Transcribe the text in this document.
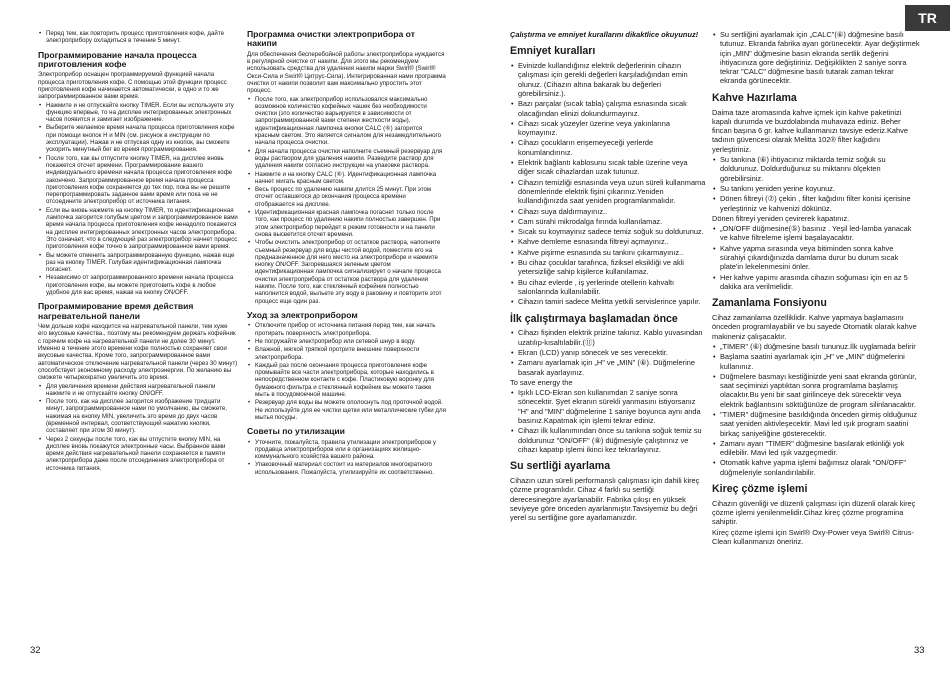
TR
• Перед тем, как повторить процесс приготовления кофе, дайте электроприбору охладиться в течение 5 минут.
Программирование начала процесса приготовления кофе

Электроприбор оснащен программируемой функцией начала процесса приготовления кофе. С помощью этой функции процесс приготовления кофе начинается автоматически, в одно и то же запрограммированное вами время.

• Нажмите и не отпускайте кнопку TIMER. Если вы используете эту функцию впервые, то на дисплее интегрированных электронных часов появится и замигает изображение.
• Выберите желаемое время начала процесса приготовления кофе при помощи кнопок H и MIN (см. рисунок в инструкции по эксплуатации). Нажав и не отпуская одну из кнопок, вы сможете ускорить минутный бег во время программирования.
• После того, как вы отпустите кнопку TIMER, на дисплее вновь покажется отсчет времени. Программирование вашего индивидуального времени начала процесса приготовления кофе закончено. Запрограммированное время начала процесса приготовления кофе сохраняется до тех пор, пока вы не решите перепрограммировать заданное вами время или пока не не отсоедините электроприбор от источника питания.
• Если вы вновь нажмете на кнопку TIMER, то идентификационная лампочка загорится голубым цветом и запрограммированное вами время начала процесса приготовления кофе ненадолго покажется на дисплее интегрированных электронных часов электроприбора. Это означает, что в следующий раз электроприбор начнет процесс приготовления кофе точно в запрограммированное вами время.
• Вы можете отменить запрограммированную функцию, нажав еще раз на кнопку TIMER. Голубая идентификационная лампочка погаснет.
• Независимо от запрограммированного времени начала процесса приготовления кофе, вы можете приготовить кофе в любое удобное для вас время, нажав на кнопку ON/OFF.
Программирование время действия нагревательной панели

Чем дольше кофе находится на нагревательной панели, тем хуже его вкусовые качества., поэтому мы рекомендуем держать кофейник с горячим кофе на нагревательной панели не долее 30 минут. Именно в течение этого времени кофе полностью сохраняет свои вкусовые качества. Кроме того, запрограммированное вами автоматическое отключение нагревательной панели (через 30 минут) способствует экономному расходу электроэнергии. По желанию вы сможете четырехкратно увеличить это время.

• Для увеличения времени действия нагревательной панели нажмите и не отпускайте кнопку ON/OFF.
• После того, как на дисплее загорится изображение тридцати минут, запрограммированное нами по умолчанию, вы сможете, нажимая на кнопку MIN, увеличить это время до двух часов (временной интервал, соответствующий нажатию кнопки, составляет при этом 30 минут).
• Через 2 секунды после того, как вы отпустите кнопку MIN, на дисплее вновь покажутся электронные часы. Выбранное вами время действия нагревательной панели сохраняется в памяти электроприбора даже после отсоединения электроприбора от источника питания.
Программа очистки электроприбора от накипи

Для обеспечения бесперебойной работы электроприбора нуждается в регулярной очистке от накипи. Для этого мы рекомендуем использовать средства для удаления накипи марки Swirl® (Swirl® Окси-Сила и Swirl® Цитрус-Сила). Интегрированная нами программа очистки от накипи позволит вам максимально упростить этот процесс.

• После того, как электроприбор использовался максимально возможное количество кофейных чашек без необходимости очистки (это количество варьируется в зависимости от запрограммированной вами степени жесткости воды), идентификационная лампочка кнопки CALC (⑥) загорится красным светом. Это является сигналом для незамедлительного начала процесса очистки.
• Для начала процесса очистки наполните съемный резервуар для воды раствором для удаления накипи. Разведите раствор для удаления накипи согласно инструкции на упаковке раствора.
• Нажмите и на кнопку CALC (⑥). Идентификационная лампочка начнет мигать красным светом.
• Весь процесс по удалению накипи длится 25 минут. При этом отсчет оставшегося до окончания процесса времени отображается на дисплее.
• Идентификационная красная лампочка погаснет только после того, как процесс по удалению накипи полностью завершен. При этом электроприбор перейдет в режим готовности и на панели снова высветится отсчет времени.
• Чтобы очистить электроприбор от остатков раствора, наполните съемный резервуар для воды чистой водой, поместите его на предназначенное для него место на электроприборе и нажмите кнопку ON/OFF. Загоревшаяся зеленым цветом идентификационная лампочка сигнализирует о начале процесса очистки электроприбора от остатков раствора для удаления накипи. После того, как стеклянный кофейник полностью наполнится водой, выльете эту воду в раковину и повторите этот процесс еще один раз.
Уход за электроприбором
• Отключите прибор от источника питания перед тем, как начать протирать поверхность электроприбора.
• Не погружайте электроприбор или сетевой шнур в воду.
• Влажной, мягкой тряпкой протрите внешние поверхности электроприбора.
• Каждый раз после окончания процесса приготовления кофе промывайте все части электроприбора, которые находились в непосредственном контакте с кофе. Пластиковую воронку для бумажного фильтра и стеклянный кофейник вы можете также мыть в посудомоечной машине.
• Резервуар для воды вы можете ополоснуть под проточной водой. Не используйте для ее чистки щетки или металлические губки для мытья посуды.
Советы по утилизации
• Уточните, пожалуйста, правила утилизации электроприборов у продавца электроприборов или в организациях жилищно-коммунального хозяйства вашего района.
• Упаковочный материал состоит из материалов многократного использования. Пожалуйста, утилизируйте их соответственно.

Çalıştırma ve emniyet kurallarını dikaktlice okuyunuz!

Emniyet kuralları
• Evinizde kullandığınız elektrik değerlerinin cihazın çalışması için gerekli değerleri karşıladığından emin olunuz. (Cihazın altına bakarak bu değerleri görebilirsiniz.).
• Bazı parçalar (sıcak tabla) çalışma esnasında sıcak olacağından elinizi dokundurmayınız.
• Cihazı sıcak yüzeyler üzerine veya yakınlarına koymayınız.
• Cihazı çocukların erişemeyeceği yerlerde konumlandırınız.
• Elektrik bağlantı kablosunu sıcak table üzerine veya diğer sıcak cihazlardan uzak tutunuz.
• Cihazın temizliği esnasında veya uzun süreli kullanmama dönemlerinde elektrik fişini çıkarınız.Yeniden kullandığınızda saat yeniden programlanmalıdır.
• Cihazı suya daldırmayınız..
• Cam sürahi mikrodalga fırında kullanılamaz.
• Sıcak su koymayınız sadece temiz soğuk su doldurunuz.
• Kahve demleme esnasında filtreyi açmayınız..
• Kahve pişirme esnasında su tankını çıkarmayınız..
• Bu cihaz çocuklar tarafınca, fiziksel eksikliği ve akli yetersizliğe sahip kişilerce kullanılamaz.
• Bu cihaz evlerde , iş yerlerinde otellerin kahvaltı salonlarında kullanılabilir.
• Cihazın tamiri sadece Melitta yetkili servislerince yapılır.
İlk çalıştırmaya başlamadan önce
• Cihazı fişinden elektrik prizine takınız. Kablo yuvasından uzatılıp-kısaltılabilir.(⑪)
• Ekran (LCD) yanıp sönecek ve ses verecektir.
• Zamanı ayarlamak için „H" ve „MIN" (⑥). Düğmelerine basarak ayarlayınız.

To save energy the

• Işıklı LCD-Ekran son kullanımdan 2 saniye sonra sönecektir. Şyet ekranın sürekli yanmasını istiyorsanız "H" and "MIN" düğmelerine 1 saniye boyunca aynı anda basınız.Kapatmak için işlemi tekrar ediniz.
• Cihazı ilk kullanımından önce su tankına soğuk temiz su doldurunuz "ON/OFF" (⑧) düğmesiyle çalıştırınız ve cihazı kapatıp işlemi ikinci kez tekrarlayınız.
Su sertliği ayarlama

Cihazın uzun süreli performanslı çalışması için dahili kireç çözme programlıdır. Cihaz 4 farklı su sertliği derecesinegöre ayarlanabilir. Fabrika çıkışı en yüksek seviyeye göre önceden ayarlanmıştır.Tavsiyemiz bu değri yerel su sertliğine gore ayarlamanızdır.

• Su sertliğini ayarlamak için „CALC"(⑥) düğmesine basılı tutunuz. Ekranda fabrika ayarı görünecektir. Ayar değiştirmek için „MIN" düğmesine basın ekranda sertlik değerini ihtiyacınıza gore değiştiriniz. Değişiklikten 2 saniye sonra tekrar "CALC" düğmesine basılı tutarak zaman tekrar ekranda görünecektir.
Kahve Hazırlama

Daima taze aromasında kahve içmek için kahve paketinizi kapalı durumda ve buzdolabında muhavaza ediniz. Beher fincan başına 6 gr. kahve kullanmanızı tavsiye ederiz.Kahve tadının güvencesi olarak Melitta 102® filter kağıdını yerleştiriniz.

• Su tankına (⑥) ihtiyacınız miktarda temiz soğuk su doldurunuz. Doldurduğunuz su miktarını ölçekten görebilirsiniz.
• Su tankını yeniden yerine koyunuz.
• Dönen filtreyi (⑦) çekin , filter kağıdını filter konisi içerisine yerleştiriniz ve kahvenizi dökünüz.

Dönen filtreyi yeniden çevirerek kapatınız.

• „ON/OFF düğmesine(⑤) basınız . Yeşil led-lamba yanacak ve kahve filtreleme işlemi başalayacaktır.
• Kahve yapma sırasında veya bitiminden sonra kahve sürahiyi çıkardığınızda damlama durur bu durum sıcak plate'in lekelenmesini önler.
• Her kahve yapımı arasında cihazın soğuması için en az 5 dakika ara verilmelidir.
Zamanlama Fonsiyonu

Cihaz zamanlama özelliklidir. Kahve yapmaya başlamasını önceden programlayabilir ve bu sayede Otomatik olarak kahve makineniz çalışacaktır.

• „TIMER" (⑥) düğmesine basılı tununuz.İlk uyglamada belirir
• Başlama saatini ayarlamak için „H" ve „MIN" düğmelerini kullanınız.
• Düğmelere basmayı kestiğinizde yeni saat ekranda görünür, saat seçiminizi yaptıktan sonra programlama başlamış olacaktır.Bu yeni bir saat girilinceye dek sürecektir veya elektrik bağlantısını söktüğünüze de program silinlanacaktır.
• "TIMER" düğmesine basıldığında önceden girmiş olduğunuz saat yeniden aktivleşecektir. Mavi led ışık program saatini birkaç saniyeliğine gösterecektir.
• Zamanı ayarı "TIMER" düğmesine basılarak etkinliği yok edilebilir. Mavi led ışık vazgeçmedir.
• Otomatik kahve yapma işlemi bağımsız olarak "ON/OFF" düğmeleriyle sonlandırılabilir.
Kireç çözme işlemi

Cihazın güvenliği ve düzenli çalışması için düzenli olarak kireç çözme işlemi yenilenmelidir.Cihaz kireç çözme programina sahiptir.

Kireç çözme işlemi için Swirl® Oxy-Power veya Swirl® Citrus-Clean kullanmanızı öneririz.

32	33
